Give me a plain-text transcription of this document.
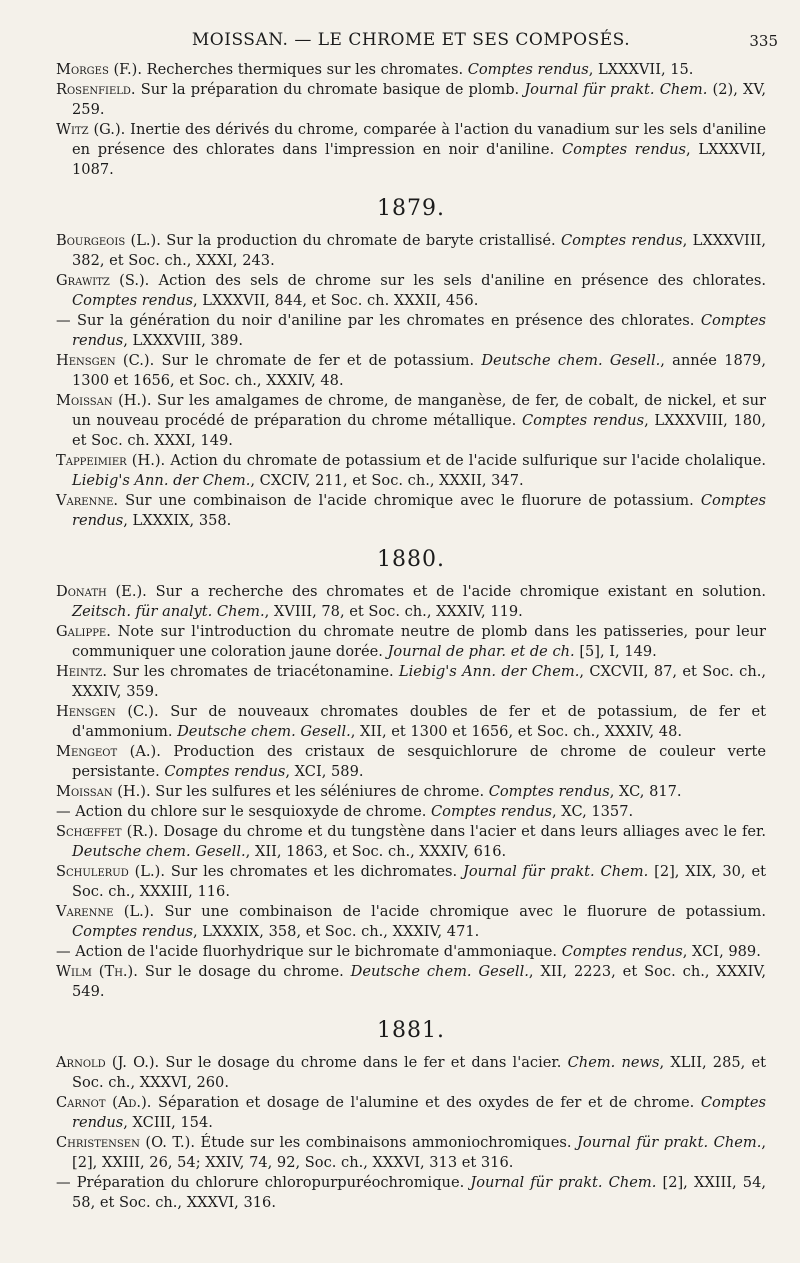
MOISSAN. — LE CHROME ET SES COMPOSÉS.	335

Morges (F.). Recherches thermiques sur les chromates. Comptes rendus, LXXXVII, 15.

Rosenfield. Sur la préparation du chromate basique de plomb. Journal für prakt. Chem. (2), XV, 259.

Witz (G.). Inertie des dérivés du chrome, comparée à l'action du vanadium sur les sels d'aniline en présence des chlorates dans l'impression en noir d'aniline. Comptes rendus, LXXXVII, 1087.

1879.

Bourgeois (L.). Sur la production du chromate de baryte cristallisé. Comptes rendus, LXXXVIII, 382, et Soc. ch., XXXI, 243.

Grawitz (S.). Action des sels de chrome sur les sels d'aniline en présence des chlorates. Comptes rendus, LXXXVII, 844, et Soc. ch. XXXII, 456.

— Sur la génération du noir d'aniline par les chromates en présence des chlorates. Comptes rendus, LXXXVIII, 389.

Hensgen (C.). Sur le chromate de fer et de potassium. Deutsche chem. Gesell., année 1879, 1300 et 1656, et Soc. ch., XXXIV, 48.

Moissan (H.). Sur les amalgames de chrome, de manganèse, de fer, de cobalt, de nickel, et sur un nouveau procédé de préparation du chrome métallique. Comptes rendus, LXXXVIII, 180, et Soc. ch. XXXI, 149.

Tappeimier (H.). Action du chromate de potassium et de l'acide sulfurique sur l'acide cholalique. Liebig's Ann. der Chem., CXCIV, 211, et Soc. ch., XXXII, 347.

Varenne. Sur une combinaison de l'acide chromique avec le fluorure de potassium. Comptes rendus, LXXXIX, 358.

1880.

Donath (E.). Sur a recherche des chromates et de l'acide chromique existant en solution. Zeitsch. für analyt. Chem., XVIII, 78, et Soc. ch., XXXIV, 119.

Galippe. Note sur l'introduction du chromate neutre de plomb dans les patisseries, pour leur communiquer une coloration jaune dorée. Journal de phar. et de ch. [5], I, 149.

Heintz. Sur les chromates de triacétonamine. Liebig's Ann. der Chem., CXCVII, 87, et Soc. ch., XXXIV, 359.

Hensgen (C.). Sur de nouveaux chromates doubles de fer et de potassium, de fer et d'ammonium. Deutsche chem. Gesell., XII, et 1300 et 1656, et Soc. ch., XXXIV, 48.

Mengeot (A.). Production des cristaux de sesquichlorure de chrome de couleur verte persistante. Comptes rendus, XCI, 589.

Moissan (H.). Sur les sulfures et les séléniures de chrome. Comptes rendus, XC, 817.

— Action du chlore sur le sesquioxyde de chrome. Comptes rendus, XC, 1357.

Schœffet (R.). Dosage du chrome et du tungstène dans l'acier et dans leurs alliages avec le fer. Deutsche chem. Gesell., XII, 1863, et Soc. ch., XXXIV, 616.

Schulerud (L.). Sur les chromates et les dichromates. Journal für prakt. Chem. [2], XIX, 30, et Soc. ch., XXXIII, 116.

Varenne (L.). Sur une combinaison de l'acide chromique avec le fluorure de potassium. Comptes rendus, LXXXIX, 358, et Soc. ch., XXXIV, 471.

— Action de l'acide fluorhydrique sur le bichromate d'ammoniaque. Comptes rendus, XCI, 989.

Wilm (Th.). Sur le dosage du chrome. Deutsche chem. Gesell., XII, 2223, et Soc. ch., XXXIV, 549.

1881.

Arnold (J. O.). Sur le dosage du chrome dans le fer et dans l'acier. Chem. news, XLII, 285, et Soc. ch., XXXVI, 260.

Carnot (Ad.). Séparation et dosage de l'alumine et des oxydes de fer et de chrome. Comptes rendus, XCIII, 154.

Christensen (O. T.). Étude sur les combinaisons ammoniochromiques. Journal für prakt. Chem., [2], XXIII, 26, 54; XXIV, 74, 92, Soc. ch., XXXVI, 313 et 316.

— Préparation du chlorure chloropurpuréochromique. Journal für prakt. Chem. [2], XXIII, 54, 58, et Soc. ch., XXXVI, 316.
